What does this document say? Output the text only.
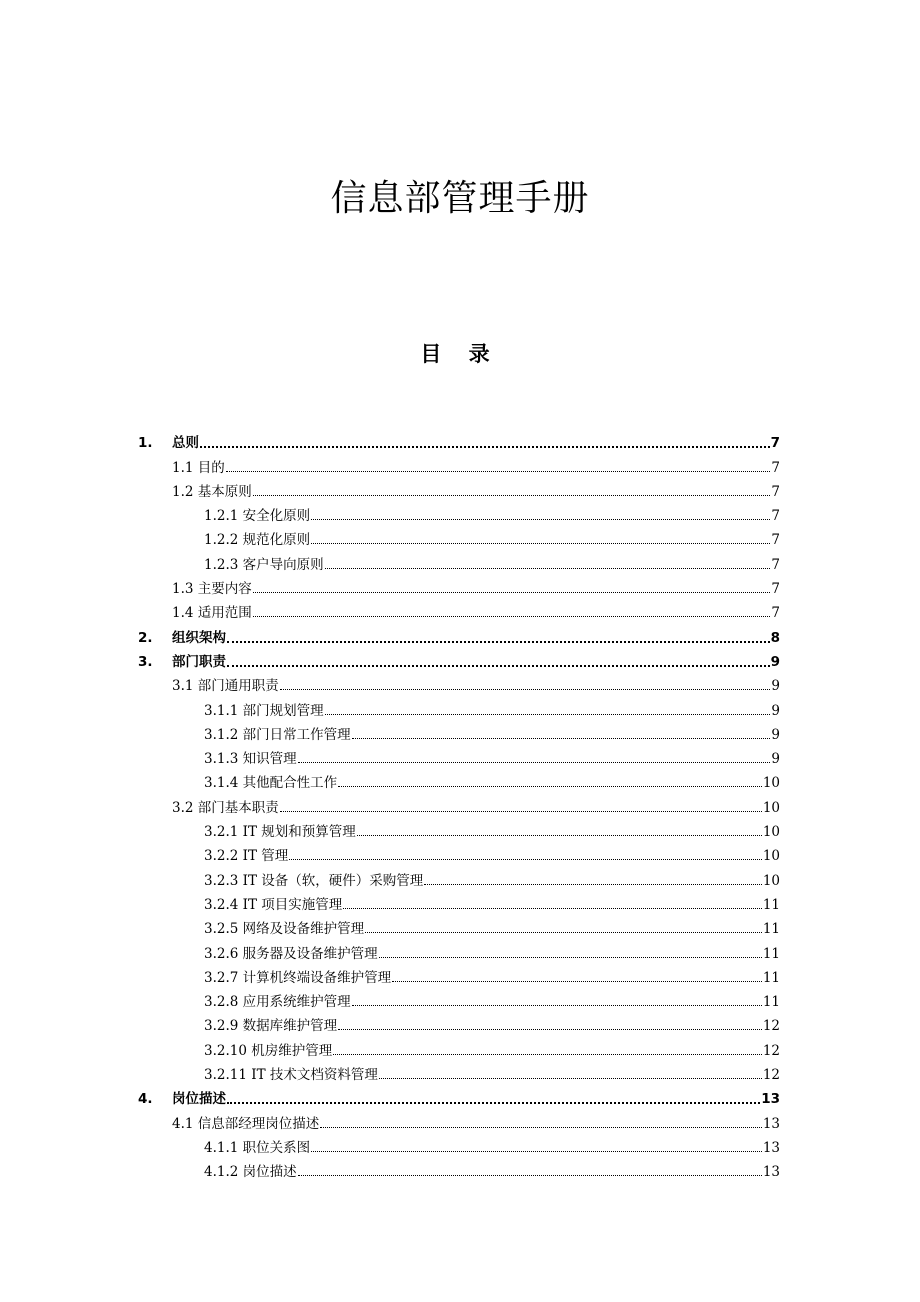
信息部管理手册
目 录
1.	总则	7
1.1 目的	7
1.2 基本原则	7
1.2.1 安全化原则	7
1.2.2 规范化原则	7
1.2.3 客户导向原则	7
1.3 主要内容	7
1.4 适用范围	7
2.	组织架构	8
3.	部门职责	9
3.1 部门通用职责	9
3.1.1 部门规划管理	9
3.1.2 部门日常工作管理	9
3.1.3 知识管理	9
3.1.4 其他配合性工作	10
3.2 部门基本职责	10
3.2.1 IT 规划和预算管理	10
3.2.2 IT 管理	10
3.2.3 IT 设备（软，硬件）采购管理	10
3.2.4 IT 项目实施管理	11
3.2.5 网络及设备维护管理	11
3.2.6 服务器及设备维护管理	11
3.2.7 计算机终端设备维护管理	11
3.2.8 应用系统维护管理	11
3.2.9 数据库维护管理	12
3.2.10 机房维护管理	12
3.2.11 IT 技术文档资料管理	12
4.	岗位描述	13
4.1 信息部经理岗位描述	13
4.1.1 职位关系图	13
4.1.2 岗位描述	13
